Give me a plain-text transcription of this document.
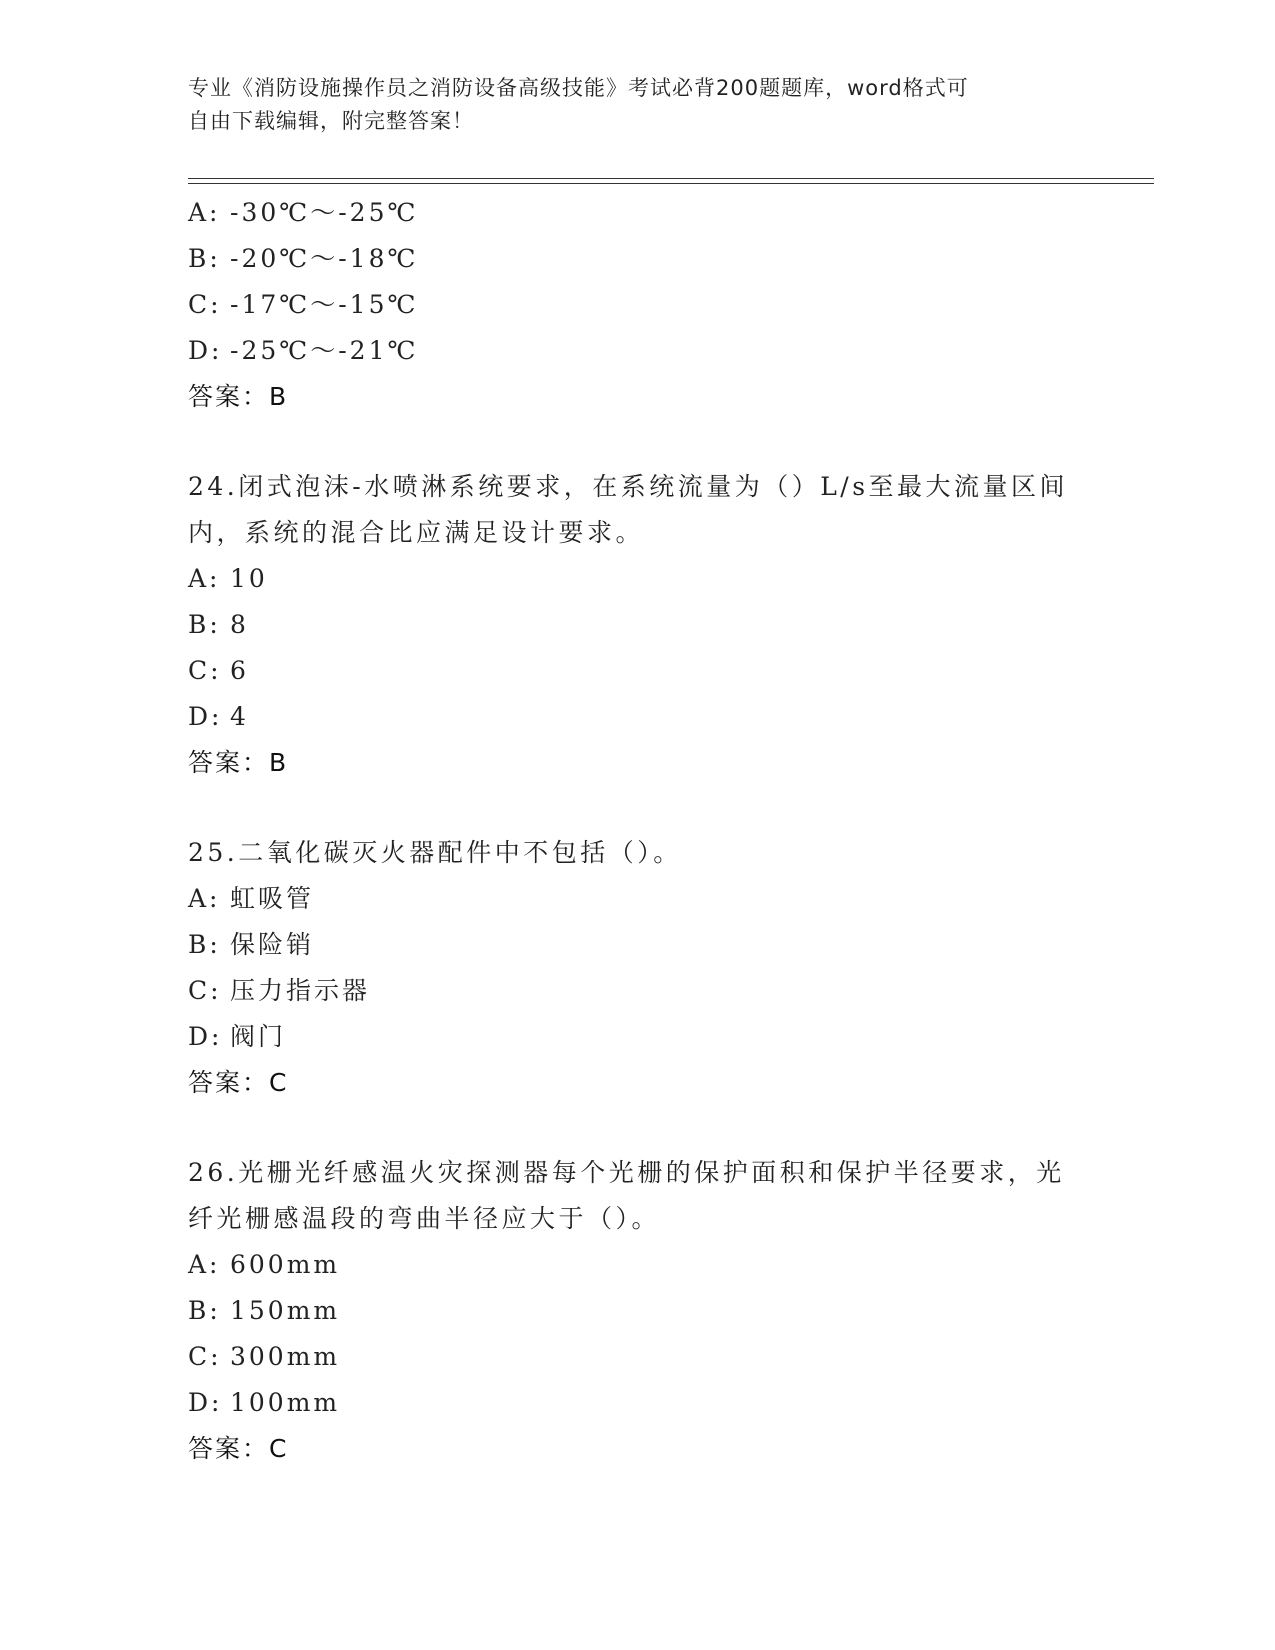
专业《消防设施操作员之消防设备高级技能》考试必背200题题库，word格式可
自由下载编辑，附完整答案！
A: -30℃～-25℃
B: -20℃～-18℃
C: -17℃～-15℃
D: -25℃～-21℃
答案：B
24.闭式泡沫-水喷淋系统要求，在系统流量为（）L/s至最大流量区间
内，系统的混合比应满足设计要求。
A: 10
B: 8
C: 6
D: 4
答案：B
25.二氧化碳灭火器配件中不包括（）。
A: 虹吸管
B: 保险销
C: 压力指示器
D: 阀门
答案：C
26.光栅光纤感温火灾探测器每个光栅的保护面积和保护半径要求，光
纤光栅感温段的弯曲半径应大于（）。
A: 600mm
B: 150mm
C: 300mm
D: 100mm
答案：C
